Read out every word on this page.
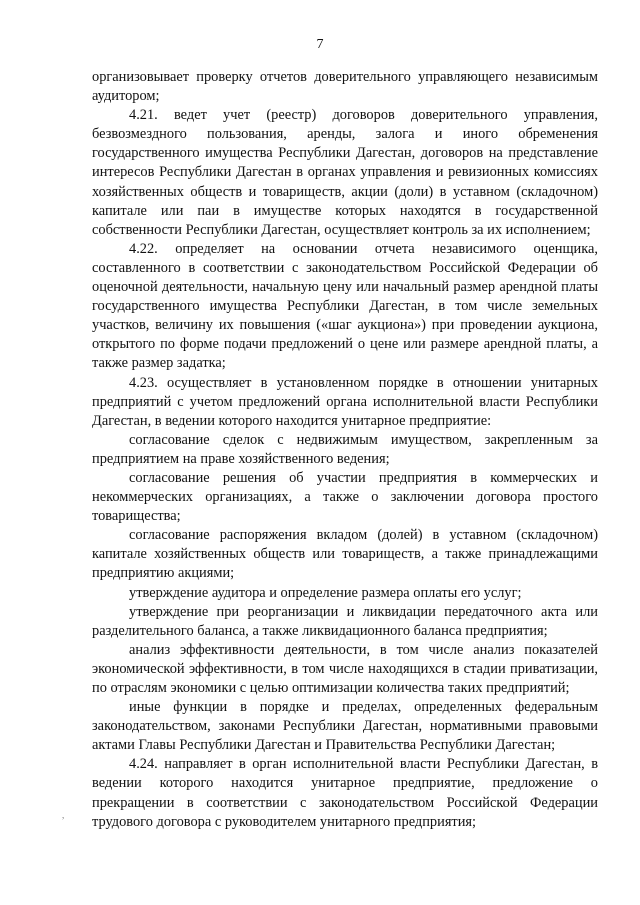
7

организовывает проверку отчетов доверительного управляющего независимым аудитором;

4.21. ведет учет (реестр) договоров доверительного управления, безвозмездного пользования, аренды, залога и иного обременения государственного имущества Республики Дагестан, договоров на представление интересов Республики Дагестан в органах управления и ревизионных комиссиях хозяйственных обществ и товариществ, акции (доли) в уставном (складочном) капитале или паи в имуществе которых находятся в государственной собственности Республики Дагестан, осуществляет контроль за их исполнением;

4.22. определяет на основании отчета независимого оценщика, составленного в соответствии с законодательством Российской Федерации об оценочной деятельности, начальную цену или начальный размер арендной платы государственного имущества Республики Дагестан, в том числе земельных участков, величину их повышения («шаг аукциона») при проведении аукциона, открытого по форме подачи предложений о цене или размере арендной платы, а также размер задатка;

4.23. осуществляет в установленном порядке в отношении унитарных предприятий с учетом предложений органа исполнительной власти Республики Дагестан, в ведении которого находится унитарное предприятие:

согласование сделок с недвижимым имуществом, закрепленным за предприятием на праве хозяйственного ведения;

согласование решения об участии предприятия в коммерческих и некоммерческих организациях, а также о заключении договора простого товарищества;

согласование распоряжения вкладом (долей) в уставном (складочном) капитале хозяйственных обществ или товариществ, а также принадлежащими предприятию акциями;

утверждение аудитора и определение размера оплаты его услуг;

утверждение при реорганизации и ликвидации передаточного акта или разделительного баланса, а также ликвидационного баланса предприятия;

анализ эффективности деятельности, в том числе анализ показателей экономической эффективности, в том числе находящихся в стадии приватизации, по отраслям экономики с целью оптимизации количества таких предприятий;

иные функции в порядке и пределах, определенных федеральным законодательством, законами Республики Дагестан, нормативными правовыми актами Главы Республики Дагестан и Правительства Республики Дагестан;

4.24. направляет в орган исполнительной власти Республики Дагестан, в ведении которого находится унитарное предприятие, предложение о прекращении в соответствии с законодательством Российской Федерации трудового договора с руководителем унитарного предприятия;

,
